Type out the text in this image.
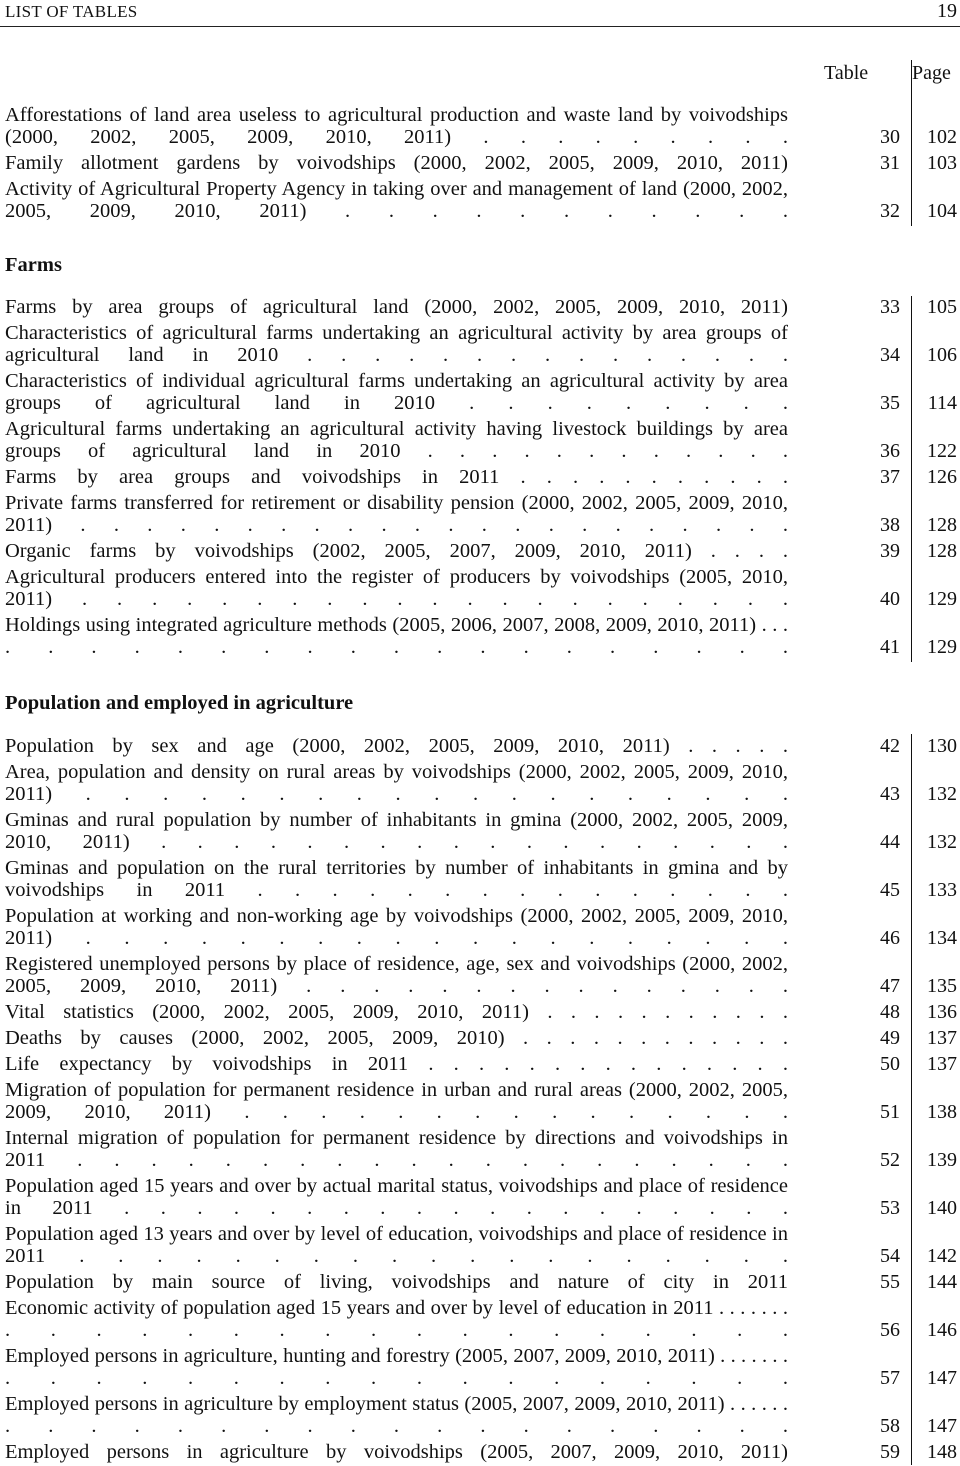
LIST OF TABLES	19
Table Page
Farms
Population and employed in agriculture
Afforestations of land area useless to agricultural production and waste land by voivodships (2000, 2002, 2005, 2009, 2010, 2011) . . . . . . . . .	30	102
Family allotment gardens by voivodships (2000, 2002, 2005, 2009, 2010, 2011)	31	103
Activity of Agricultural Property Agency in taking over and management of land (2000, 2002, 2005, 2009, 2010, 2011) . . . . . . . . . . .	32	104
Farms by area groups of agricultural land (2000, 2002, 2005, 2009, 2010, 2011)	33	105
Characteristics of agricultural farms undertaking an agricultural activity by area groups of agricultural land in 2010 . . . . . . . . . . . . . . .	34	106
Characteristics of individual agricultural farms undertaking an agricultural activity by area groups of agricultural land in 2010 . . . . . . . . .	35	114
Agricultural farms undertaking an agricultural activity having livestock buildings by area groups of agricultural land in 2010 . . . . . . . . . . . .	36	122
Farms by area groups and voivodships in 2011 . . . . . . . . . . .	37	126
Private farms transferred for retirement or disability pension (2000, 2002, 2005, 2009, 2010, 2011) . . . . . . . . . . . . . . . . . . . . . .	38	128
Organic farms by voivodships (2002, 2005, 2007, 2009, 2010, 2011) . . . .	39	128
Agricultural producers entered into the register of producers by voivodships (2005, 2010, 2011) . . . . . . . . . . . . . . . . . . . . .	40	129
Holdings using integrated agriculture methods (2005, 2006, 2007, 2008, 2009, 2010, 2011) . . . . . . . . . . . . . . . . . . . . . .	41	129
Population by sex and age (2000, 2002, 2005, 2009, 2010, 2011) . . . . .	42	130
Area, population and density on rural areas by voivodships (2000, 2002, 2005, 2009, 2010, 2011) . . . . . . . . . . . . . . . . . . .	43	132
Gminas and rural population by number of inhabitants in gmina (2000, 2002, 2005, 2009, 2010, 2011) . . . . . . . . . . . . . . . . . .	44	132
Gminas and population on the rural territories by number of inhabitants in gmina and by voivodships in 2011 . . . . . . . . . . . . . . .	45	133
Population at working and non-working age by voivodships (2000, 2002, 2005, 2009, 2010, 2011) . . . . . . . . . . . . . . . . . . .	46	134
Registered unemployed persons by place of residence, age, sex and voivodships (2000, 2002, 2005, 2009, 2010, 2011) . . . . . . . . . . . . . . .	47	135
Vital statistics (2000, 2002, 2005, 2009, 2010, 2011) . . . . . . . . . . .	48	136
Deaths by causes (2000, 2002, 2005, 2009, 2010) . . . . . . . . . . . .	49	137
Life expectancy by voivodships in 2011 . . . . . . . . . . . . . . .	50	137
Migration of population for permanent residence in urban and rural areas (2000, 2002, 2005, 2009, 2010, 2011) . . . . . . . . . . . . . . .	51	138
Internal migration of population for permanent residence by directions and voivodships in 2011 . . . . . . . . . . . . . . . . . . . .	52	139
Population aged 15 years and over by actual marital status, voivodships and place of residence in 2011 . . . . . . . . . . . . . . . . . . .	53	140
Population aged 13 years and over by level of education, voivodships and place of residence in 2011 . . . . . . . . . . . . . . . . . . .	54	142
Population by main source of living, voivodships and nature of city in 2011	55	144
Economic activity of population aged 15 years and over by level of education in 2011 . . . . . . . . . . . . . . . . . . . . . . . . .	56	146
Employed persons in agriculture, hunting and forestry (2005, 2007, 2009, 2010, 2011) . . . . . . . . . . . . . . . . . . . . . . . . .	57	147
Employed persons in agriculture by employment status (2005, 2007, 2009, 2010, 2011) . . . . . . . . . . . . . . . . . . . . . . . . .	58	147
Employed persons in agriculture by voivodships (2005, 2007, 2009, 2010, 2011)	59	148
